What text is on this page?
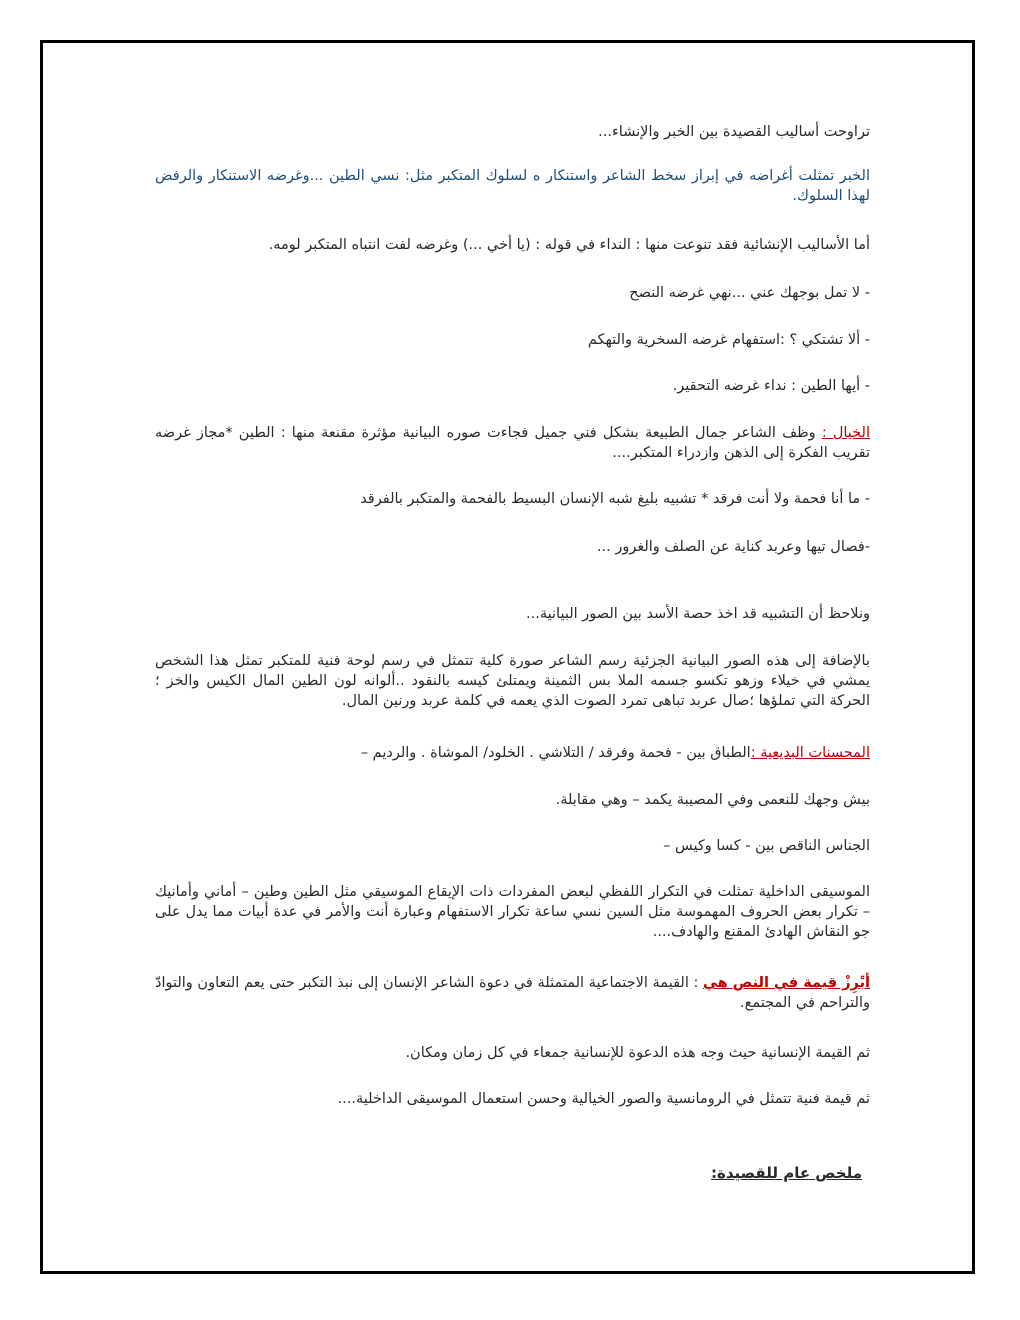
تراوحت أساليب القصيدة بين الخبر والإنشاء...
الخبر تمثلت أغراضه في إبراز سخط الشاعر واستنكار ه لسلوك المتكبر مثل: نسي الطين ...وغرضه الاستنكار والرفض لهذا السلوك.
أما الأساليب الإنشائية فقد تنوعت منها : النداء في قوله : (يا أخي ...) وغرضه لفت انتباه المتكبر لومه.
- لا تمل بوجهك عني ...نهي غرضه النصح
- ألا تشتكي ؟ :استفهام غرضه السخرية والتهكم
- أيها الطين : نداء غرضه التحقير.
الخيال : وظف الشاعر جمال الطبيعة بشكل فني جميل فجاءت صوره البيانية مؤثرة مقنعة منها : الطين *مجاز غرضه تقريب الفكرة إلى الذهن وازدراء المتكبر....
- ما أنا فحمة ولا أنت فرقد * تشبيه بليغ شبه الإنسان البسيط بالفحمة والمتكبر بالفرقد
-فصال تيها وعربد كناية عن الصلف والغرور ...
ونلاحظ أن التشبيه قد اخذ حصة الأسد بين الصور البيانية...
بالإضافة إلى هذه الصور البيانية الجزئية رسم الشاعر صورة كلية تتمثل في رسم لوحة فنية للمتكبر تمثل هذا الشخص يمشي في خيلاء وزهو تكسو جسمه الملا بس الثمينة ويمتلئ كيسه بالنقود ..ألوانه لون الطين المال الكيس والخز ؛ الحركة التي تملؤها ؛صال عربد تباهى تمرد الصوت الذي يعمه في كلمة عربد ورنين المال.
المحسنات البديعية :الطباق بين - فحمة وفرقد / التلاشي . الخلود/ الموشاة . والرديم –
بيش وجهك للنعمى وفي المصيبة يكمد – وهي مقابلة.
الجناس الناقص بين - كسا وكيس –
الموسيقى الداخلية تمثلت في التكرار اللفظي لبعض المفردات ذات الإيقاع الموسيقي مثل الطين وطين – أماني وأمانيك – تكرار بعض الحروف المهموسة مثل السين نسي ساعة تكرار الاستفهام وعبارة أنت والأمر في عدة أبيات مما يدل على جو النقاش الهادئ المقنع والهادف....
أبْرِزْ قيمة في النص هي : القيمة الاجتماعية المتمثلة في دعوة الشاعر الإنسان إلى نبذ التكبر حتى يعم التعاون والتوادّ والتراحم في المجتمع.
ثم القيمة الإنسانية حيث وجه هذه الدعوة للإنسانية جمعاء في كل زمان ومكان.
ثم قيمة فنية تتمثل في الرومانسية والصور الخيالية وحسن استعمال الموسيقى الداخلية....
ملخص عام للقصيدة:
